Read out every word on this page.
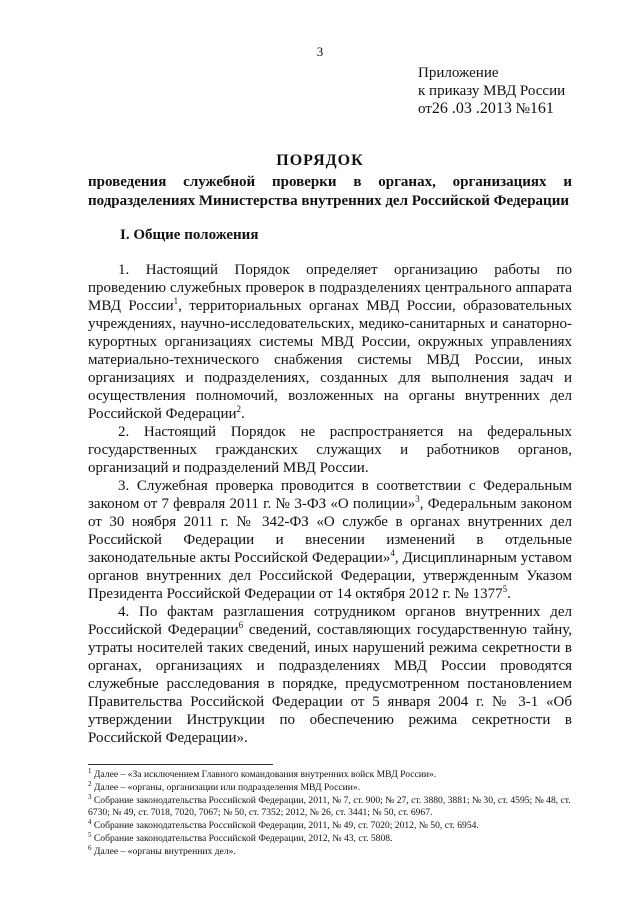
3
Приложение
к приказу МВД России
от26 .03 .2013 №161
ПОРЯДОК
проведения служебной проверки в органах, организациях и подразделениях Министерства внутренних дел Российской Федерации
I. Общие положения

1. Настоящий Порядок определяет организацию работы по проведению служебных проверок в подразделениях центрального аппарата МВД России$^1$, территориальных органах МВД России, образовательных учреждениях, научно-исследовательских, медико-санитарных и санаторно-курортных организациях системы МВД России, окружных управлениях материально-технического снабжения системы МВД России, иных организациях и подразделениях, созданных для выполнения задач и осуществления полномочий, возложенных на органы внутренних дел Российской Федерации$^2$.

2. Настоящий Порядок не распространяется на федеральных государственных гражданских служащих и работников органов, организаций и подразделений МВД России.

3. Служебная проверка проводится в соответствии с Федеральным законом от 7 февраля 2011 г. № 3-ФЗ «О полиции»$^3$, Федеральным законом от 30 ноября 2011 г. № 342-ФЗ «О службе в органах внутренних дел Российской Федерации и внесении изменений в отдельные законодательные акты Российской Федерации»$^4$, Дисциплинарным уставом органов внутренних дел Российской Федерации, утвержденным Указом Президента Российской Федерации от 14 октября 2012 г. № 1377$^5$.

4. По фактам разглашения сотрудником органов внутренних дел Российской Федерации$^6$ сведений, составляющих государственную тайну, утраты носителей таких сведений, иных нарушений режима секретности в органах, организациях и подразделениях МВД России проводятся служебные расследования в порядке, предусмотренном постановлением Правительства Российской Федерации от 5 января 2004 г. № 3-1 «Об утверждении Инструкции по обеспечению режима секретности в Российской Федерации».

$^1$ Далее – «За исключением Главного командования внутренних войск МВД России».
$^2$ Далее – «органы, организации или подразделения МВД России».
$^3$ Собрание законодательства Российской Федерации, 2011, № 7, ст. 900; № 27, ст. 3880, 3881; № 30, ст. 4595; № 48, ст. 6730; № 49, ст. 7018, 7020, 7067; № 50, ст. 7352; 2012, № 26, ст. 3441; № 50, ст. 6967.
$^4$ Собрание законодательства Российской Федерации, 2011, № 49, ст. 7020; 2012, № 50, ст. 6954.
$^5$ Собрание законодательства Российской Федерации, 2012, № 43, ст. 5808.
$^6$ Далее – «органы внутренних дел».
